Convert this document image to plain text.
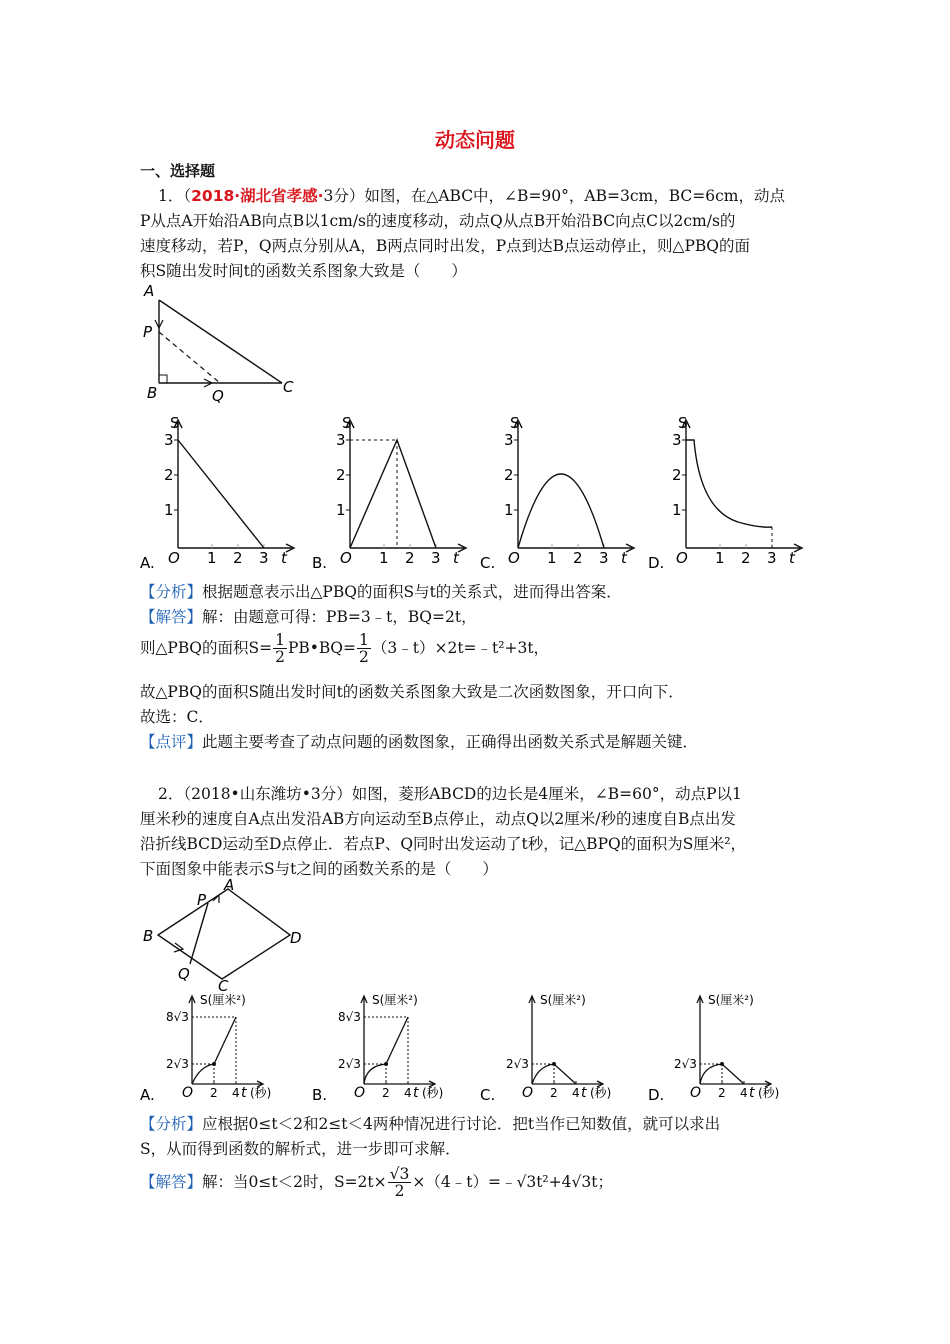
动态问题
一、选择题
1．（2018·湖北省孝感·3分）如图，在△ABC中，∠B=90°，AB=3cm，BC=6cm，动点
P从点A开始沿AB向点B以1cm/s的速度移动，动点Q从点B开始沿BC向点C以2cm/s的
速度移动，若P，Q两点分别从A，B两点同时出发，P点到达B点运动停止，则△PBQ的面
积S随出发时间t的函数关系图象大致是（　　）
A
P
B	Q	C
S
3
2
1
O 1 2 3 t
A.
S
3
2
1
O 1 2 3 t
B.
S
3
2
1
O 1 2 3 t
C.
S
3
2
1
O 1 2 3 t
D.
【分析】根据题意表示出△PBQ的面积S与t的关系式，进而得出答案．
【解答】解：由题意可得：PB=3﹣t，BQ=2t，
则△PBQ的面积$S= \frac{1}{2}$ PB•BQ= $\frac{1}{2}$ （3﹣t）×2t=﹣t²+3t，
故△PBQ的面积S随出发时间t的函数关系图象大致是二次函数图象，开口向下．
故选：C．
【点评】此题主要考查了动点问题的函数图象，正确得出函数关系式是解题关键．
2．（2018•山东潍坊•3分）如图，菱形ABCD的边长是4厘米，∠B=60°，动点P以1
厘米秒的速度自A点出发沿AB方向运动至B点停止，动点Q以2厘米/秒的速度自B点出发
沿折线BCD运动至D点停止．若点P、Q同时出发运动了t秒，记△BPQ的面积为S厘米²，
下面图象中能表示S与t之间的函数关系的是（　　）
A
P
B
Q
D
C
S(厘米²)
8√3
2√3
O 2 4 t (秒)
A.
S(厘米²)
8√3
2√3
O 2 4 t (秒)
B.
S(厘米²)
2√3
O 2 4 t (秒)
C.
S(厘米²)
2√3
O 2 4 t (秒)
D.
【分析】应根据0≤t＜2和2≤t＜4两种情况进行讨论．把t当作已知数值，就可以求出
S，从而得到函数的解析式，进一步即可求解．
【解答】解：当0≤t＜2时，$S=2t\times \frac{√3}{2}$ ×（4﹣t）=﹣√3t²+4√3t；
